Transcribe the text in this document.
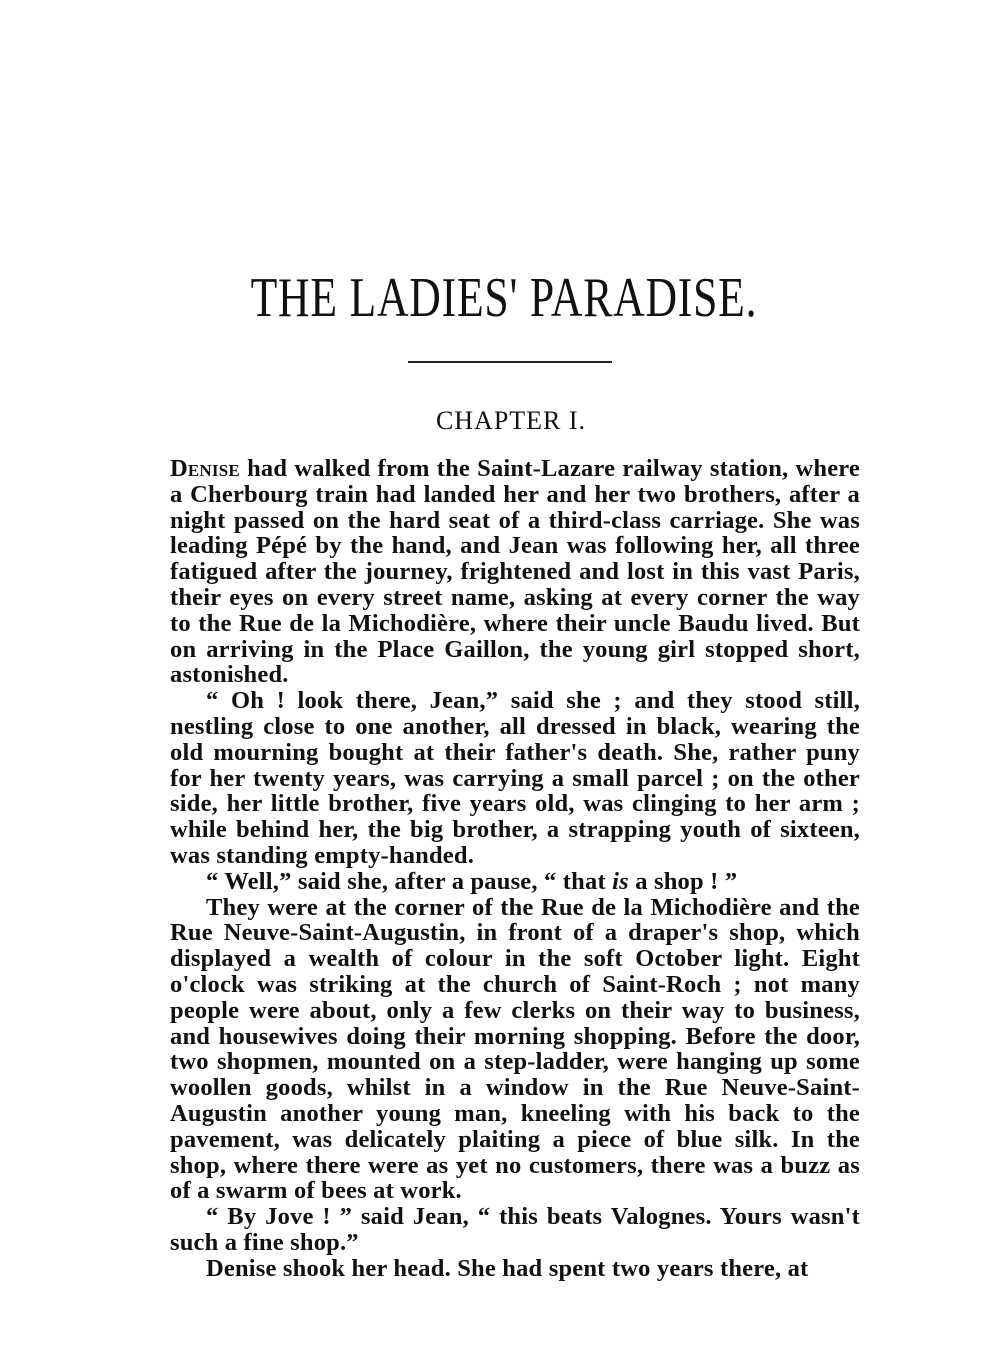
THE LADIES' PARADISE.
CHAPTER I.

Denise had walked from the Saint-Lazare railway station, where a Cherbourg train had landed her and her two brothers, after a night passed on the hard seat of a third-class carriage. She was leading Pépé by the hand, and Jean was following her, all three fatigued after the journey, frightened and lost in this vast Paris, their eyes on every street name, asking at every corner the way to the Rue de la Michodière, where their uncle Baudu lived. But on arriving in the Place Gaillon, the young girl stopped short, astonished.

“ Oh ! look there, Jean,” said she ; and they stood still, nestling close to one another, all dressed in black, wearing the old mourning bought at their father's death. She, rather puny for her twenty years, was carrying a small parcel ; on the other side, her little brother, five years old, was clinging to her arm ; while behind her, the big brother, a strapping youth of sixteen, was standing empty-handed.

“ Well,” said she, after a pause, “ that is a shop ! ”

They were at the corner of the Rue de la Michodière and the Rue Neuve-Saint-Augustin, in front of a draper's shop, which displayed a wealth of colour in the soft October light. Eight o'clock was striking at the church of Saint-Roch ; not many people were about, only a few clerks on their way to business, and housewives doing their morning shopping. Before the door, two shopmen, mounted on a step-ladder, were hanging up some woollen goods, whilst in a window in the Rue Neuve-Saint-Augustin another young man, kneeling with his back to the pavement, was delicately plaiting a piece of blue silk. In the shop, where there were as yet no customers, there was a buzz as of a swarm of bees at work.

“ By Jove ! ” said Jean, “ this beats Valognes. Yours wasn't such a fine shop.”

Denise shook her head. She had spent two years there, at
